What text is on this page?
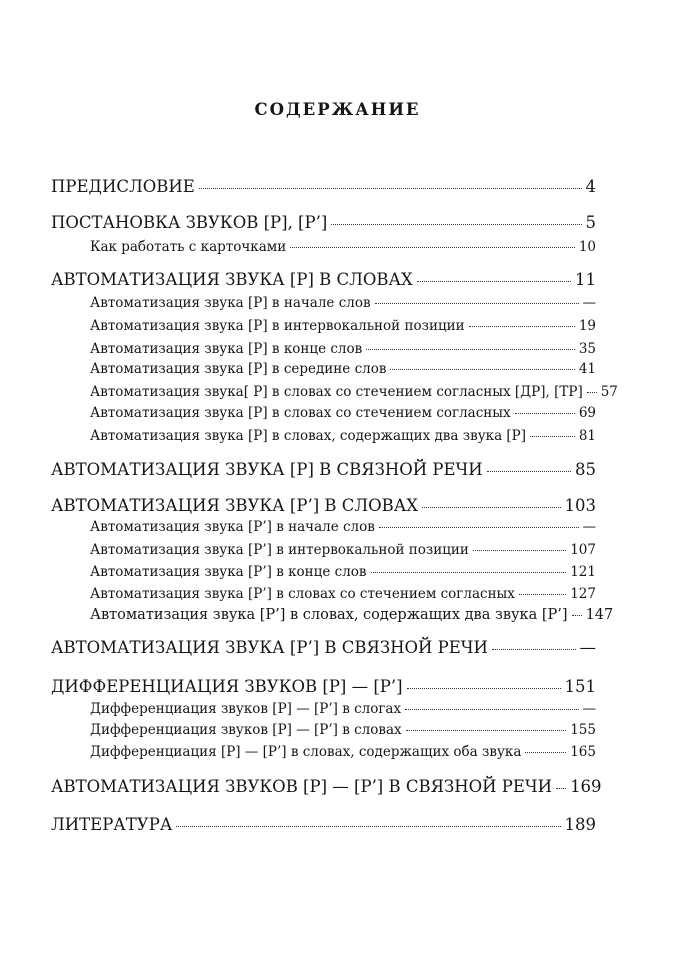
СОДЕРЖАНИЕ
ПРЕДИСЛОВИЕ	4
ПОСТАНОВКА ЗВУКОВ [Р], [Р’]	5
Как работать с карточками	10
АВТОМАТИЗАЦИЯ ЗВУКА [Р] В СЛОВАХ	11
Автоматизация звука [Р] в начале слов	—
Автоматизация звука [Р] в интервокальной позиции	19
Автоматизация звука [Р] в конце слов	35
Автоматизация звука [Р] в середине слов	41
Автоматизация звука[ Р] в словах со стечением согласных [ДР], [ТР] 57
Автоматизация звука [Р] в словах со стечением согласных	69
Автоматизация звука [Р] в словах, содержащих два звука [Р]	81
АВТОМАТИЗАЦИЯ ЗВУКА [Р] В СВЯЗНОЙ РЕЧИ	85
АВТОМАТИЗАЦИЯ ЗВУКА [Р’] В СЛОВАХ	103
Автоматизация звука [Р’] в начале слов	—
Автоматизация звука [Р’] в интервокальной позиции	107
Автоматизация звука [Р’] в конце слов	121
Автоматизация звука [Р’] в словах со стечением согласных	127
Автоматизация звука [Р’] в словах, содержащих два звука [Р’] 147
АВТОМАТИЗАЦИЯ ЗВУКА [Р’] В СВЯЗНОЙ РЕЧИ	—
ДИФФЕРЕНЦИАЦИЯ ЗВУКОВ [Р] — [Р’]	151
Дифференциация звуков [Р] — [Р’] в слогах	—
Дифференциация звуков [Р] — [Р’] в словах	155
Дифференциация [Р] — [Р’] в словах, содержащих оба звука	165
АВТОМАТИЗАЦИЯ ЗВУКОВ [Р] — [Р’] В СВЯЗНОЙ РЕЧИ 169
ЛИТЕРАТУРА	189
